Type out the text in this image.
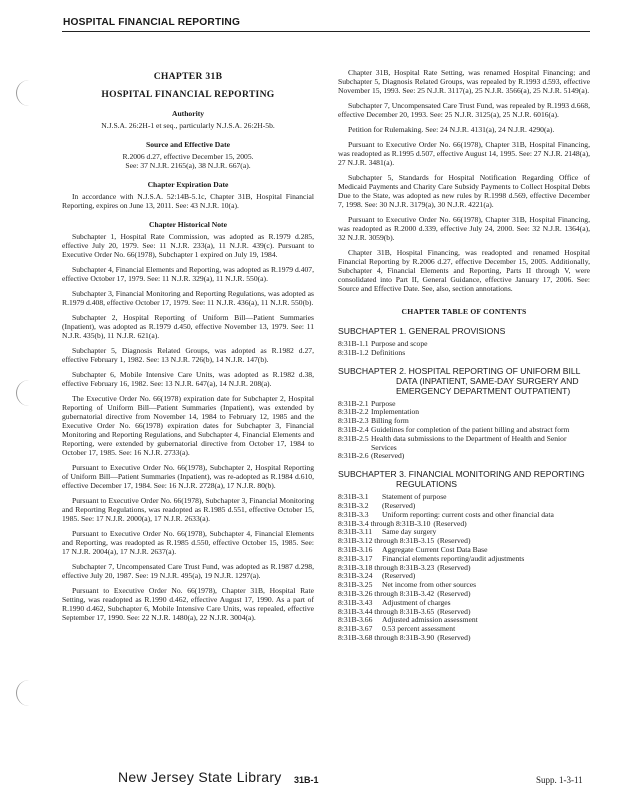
HOSPITAL FINANCIAL REPORTING
CHAPTER 31B
HOSPITAL FINANCIAL REPORTING
Authority

N.J.S.A. 26:2H-1 et seq., particularly N.J.S.A. 26:2H-5b.

Source and Effective Date

R.2006 d.27, effective December 15, 2005.

See: 37 N.J.R. 2165(a), 38 N.J.R. 667(a).

Chapter Expiration Date

In accordance with N.J.S.A. 52:14B-5.1c, Chapter 31B, Hospital Financial Reporting, expires on June 13, 2011. See: 43 N.J.R. 10(a).

Chapter Historical Note

Subchapter 1, Hospital Rate Commission, was adopted as R.1979 d.285, effective July 20, 1979. See: 11 N.J.R. 233(a), 11 N.J.R. 439(c). Pursuant to Executive Order No. 66(1978), Subchapter 1 expired on July 19, 1984.

Subchapter 4, Financial Elements and Reporting, was adopted as R.1979 d.407, effective October 17, 1979. See: 11 N.J.R. 329(a), 11 N.J.R. 550(a).

Subchapter 3, Financial Monitoring and Reporting Regulations, was adopted as R.1979 d.408, effective October 17, 1979. See: 11 N.J.R. 436(a), 11 N.J.R. 550(b).

Subchapter 2, Hospital Reporting of Uniform Bill—Patient Summaries (Inpatient), was adopted as R.1979 d.450, effective November 13, 1979. See: 11 N.J.R. 435(b), 11 N.J.R. 621(a).

Subchapter 5, Diagnosis Related Groups, was adopted as R.1982 d.27, effective February 1, 1982. See: 13 N.J.R. 726(b), 14 N.J.R. 147(b).

Subchapter 6, Mobile Intensive Care Units, was adopted as R.1982 d.38, effective February 16, 1982. See: 13 N.J.R. 647(a), 14 N.J.R. 208(a).

The Executive Order No. 66(1978) expiration date for Subchapter 2, Hospital Reporting of Uniform Bill—Patient Summaries (Inpatient), was extended by gubernatorial directive from November 14, 1984 to February 12, 1985 and the Executive Order No. 66(1978) expiration dates for Subchapter 3, Financial Monitoring and Reporting Regulations, and Subchapter 4, Financial Elements and Reporting, were extended by gubernatorial directive from October 17, 1984 to October 17, 1985. See: 16 N.J.R. 2733(a).

Pursuant to Executive Order No. 66(1978), Subchapter 2, Hospital Reporting of Uniform Bill—Patient Summaries (Inpatient), was re-adopted as R.1984 d.610, effective December 17, 1984. See: 16 N.J.R. 2728(a), 17 N.J.R. 80(b).

Pursuant to Executive Order No. 66(1978), Subchapter 3, Financial Monitoring and Reporting Regulations, was readopted as R.1985 d.551, effective October 15, 1985. See: 17 N.J.R. 2000(a), 17 N.J.R. 2633(a).

Pursuant to Executive Order No. 66(1978), Subchapter 4, Financial Elements and Reporting, was readopted as R.1985 d.550, effective October 15, 1985. See: 17 N.J.R. 2004(a), 17 N.J.R. 2637(a).

Subchapter 7, Uncompensated Care Trust Fund, was adopted as R.1987 d.298, effective July 20, 1987. See: 19 N.J.R. 495(a), 19 N.J.R. 1297(a).

Pursuant to Executive Order No. 66(1978), Chapter 31B, Hospital Rate Setting, was readopted as R.1990 d.462, effective August 17, 1990. As a part of R.1990 d.462, Subchapter 6, Mobile Intensive Care Units, was repealed, effective September 17, 1990. See: 22 N.J.R. 1480(a), 22 N.J.R. 3004(a).

Chapter 31B, Hospital Rate Setting, was renamed Hospital Financing; and Subchapter 5, Diagnosis Related Groups, was repealed by R.1993 d.593, effective November 15, 1993. See: 25 N.J.R. 3117(a), 25 N.J.R. 3566(a), 25 N.J.R. 5149(a).

Subchapter 7, Uncompensated Care Trust Fund, was repealed by R.1993 d.668, effective December 20, 1993. See: 25 N.J.R. 3125(a), 25 N.J.R. 6016(a).

Petition for Rulemaking. See: 24 N.J.R. 4131(a), 24 N.J.R. 4290(a).

Pursuant to Executive Order No. 66(1978), Chapter 31B, Hospital Financing, was readopted as R.1995 d.507, effective August 14, 1995. See: 27 N.J.R. 2148(a), 27 N.J.R. 3481(a).

Subchapter 5, Standards for Hospital Notification Regarding Office of Medicaid Payments and Charity Care Subsidy Payments to Collect Hospital Debts Due to the State, was adopted as new rules by R.1998 d.569, effective December 7, 1998. See: 30 N.J.R. 3179(a), 30 N.J.R. 4221(a).

Pursuant to Executive Order No. 66(1978), Chapter 31B, Hospital Financing, was readopted as R.2000 d.339, effective July 24, 2000. See: 32 N.J.R. 1364(a), 32 N.J.R. 3059(b).

Chapter 31B, Hospital Financing, was readopted and renamed Hospital Financial Reporting by R.2006 d.27, effective December 15, 2005. Additionally, Subchapter 4, Financial Elements and Reporting, Parts II through V, were consolidated into Part II, General Guidance, effective January 17, 2006. See: Source and Effective Date. See, also, section annotations.

CHAPTER TABLE OF CONTENTS
SUBCHAPTER 1. GENERAL PROVISIONS
8:31B-1.1 Purpose and scope
8:31B-1.2 Definitions
SUBCHAPTER 2. HOSPITAL REPORTING OF UNIFORM BILL DATA (INPATIENT, SAME-DAY SURGERY AND EMERGENCY DEPARTMENT OUTPATIENT)
8:31B-2.1 Purpose
8:31B-2.2 Implementation
8:31B-2.3 Billing form
8:31B-2.4 Guidelines for completion of the patient billing and abstract form
8:31B-2.5 Health data submissions to the Department of Health and Senior Services
8:31B-2.6 (Reserved)
SUBCHAPTER 3. FINANCIAL MONITORING AND REPORTING REGULATIONS
8:31B-3.1	Statement of purpose
8:31B-3.2	(Reserved)
8:31B-3.3	Uniform reporting: current costs and other financial data
8:31B-3.4 through 8:31B-3.10 (Reserved)
8:31B-3.11	Same day surgery
8:31B-3.12 through 8:31B-3.15 (Reserved)
8:31B-3.16	Aggregate Current Cost Data Base
8:31B-3.17	Financial elements reporting/audit adjustments
8:31B-3.18 through 8:31B-3.23 (Reserved)
8:31B-3.24	(Reserved)
8:31B-3.25	Net income from other sources
8:31B-3.26 through 8:31B-3.42 (Reserved)
8:31B-3.43	Adjustment of charges
8:31B-3.44 through 8:31B-3.65 (Reserved)
8:31B-3.66	Adjusted admission assessment
8:31B-3.67	0.53 percent assessment
8:31B-3.68 through 8:31B-3.90 (Reserved)
New Jersey State Library 31B-1	Supp. 1-3-11
